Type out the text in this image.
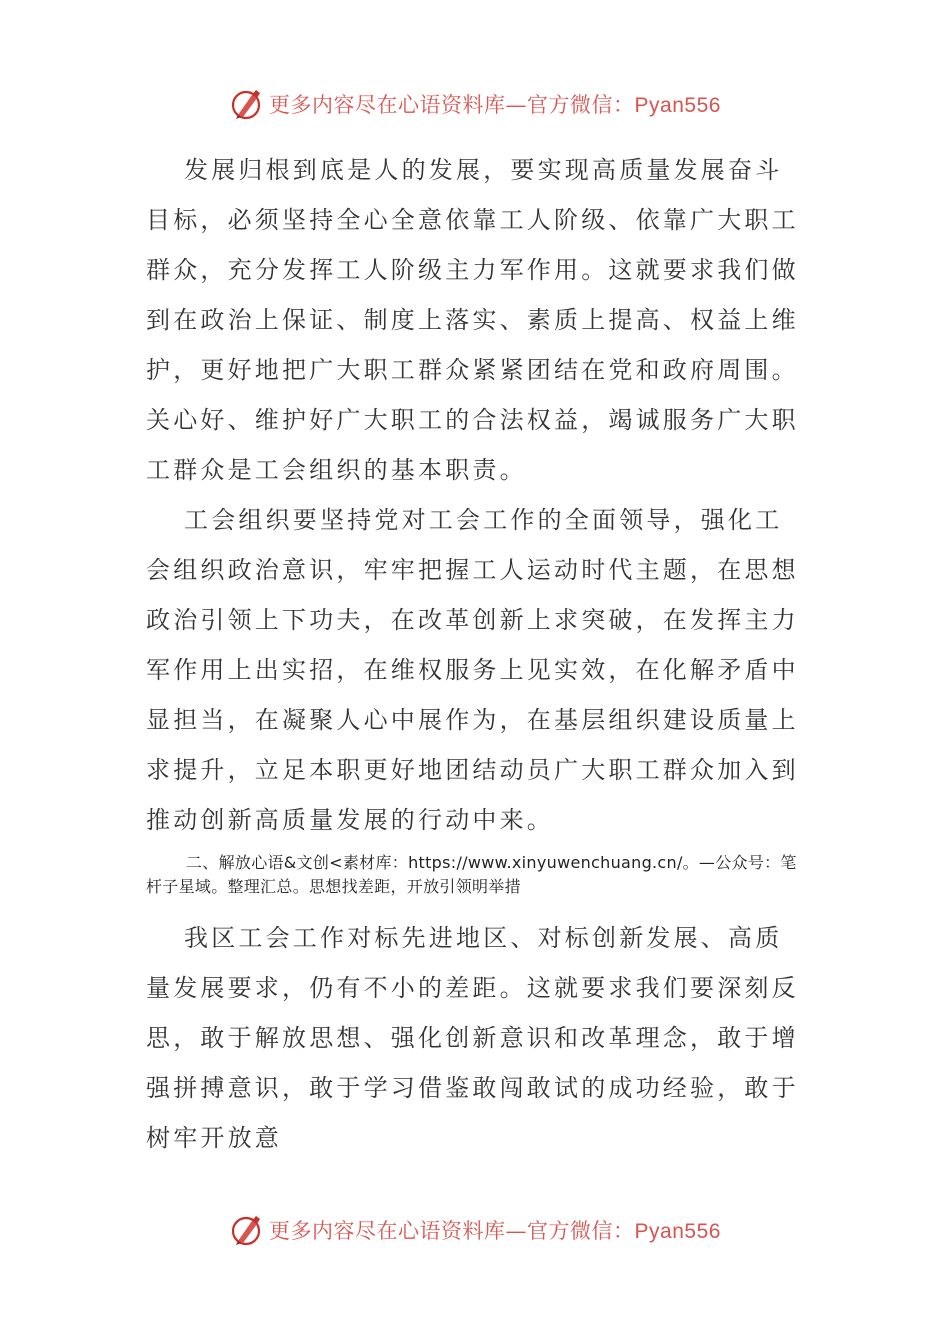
更多内容尽在心语资料库—官方微信：Pyan556

发展归根到底是人的发展，要实现高质量发展奋斗目标，必须坚持全心全意依靠工人阶级、依靠广大职工群众，充分发挥工人阶级主力军作用。这就要求我们做到在政治上保证、制度上落实、素质上提高、权益上维护，更好地把广大职工群众紧紧团结在党和政府周围。关心好、维护好广大职工的合法权益，竭诚服务广大职工群众是工会组织的基本职责。

工会组织要坚持党对工会工作的全面领导，强化工会组织政治意识，牢牢把握工人运动时代主题，在思想政治引领上下功夫，在改革创新上求突破，在发挥主力军作用上出实招，在维权服务上见实效，在化解矛盾中显担当，在凝聚人心中展作为，在基层组织建设质量上求提升，立足本职更好地团结动员广大职工群众加入到推动创新高质量发展的行动中来。

二、解放心语&文创<素材库：https://www.xinyuwenchuang.cn/。—公众号：笔杆子星域。整理汇总。思想找差距，开放引领明举措

我区工会工作对标先进地区、对标创新发展、高质量发展要求，仍有不小的差距。这就要求我们要深刻反思，敢于解放思想、强化创新意识和改革理念，敢于增强拼搏意识，敢于学习借鉴敢闯敢试的成功经验，敢于树牢开放意

更多内容尽在心语资料库—官方微信：Pyan556
